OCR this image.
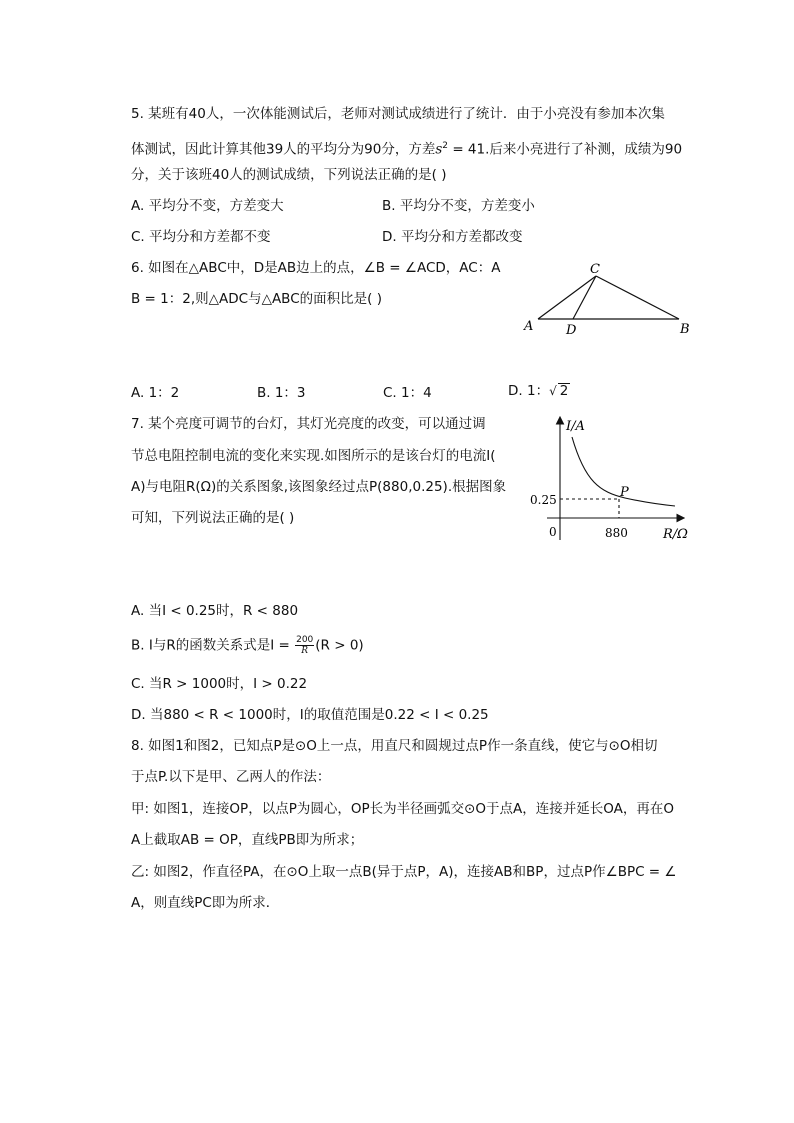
5. 某班有40人，一次体能测试后，老师对测试成绩进行了统计．由于小亮没有参加本次集
体测试，因此计算其他39人的平均分为90分，方差$s^2 = 41$.后来小亮进行了补测，成绩为90
分，关于该班40人的测试成绩，下列说法正确的是( )
A. 平均分不变，方差变大	B. 平均分不变，方差变小
C. 平均分和方差都不变	D. 平均分和方差都改变
6. 如图在△ABC中，D是AB边上的点，∠B = ∠ACD，AC：A
B = 1：2,则△ADC与△ABC的面积比是( )
A	D	B
C
A. 1：2	B. 1：3	C. 1：4	D. 1：√ 2
7. 某个亮度可调节的台灯，其灯光亮度的改变，可以通过调
节总电阻控制电流的变化来实现.如图所示的是该台灯的电流I(
A)与电阻R(Ω)的关系图象,该图象经过点P(880,0.25).根据图象
可知，下列说法正确的是( )
I/A
R/Ω
0.25
0	880
P
A. 当I < 0.25时，R < 880
B. I与R的函数关系式是$I = \frac{200}{R} (R > 0)$
C. 当R > 1000时，I > 0.22
D. 当880 < R < 1000时，I的取值范围是0.22 < I < 0.25
8. 如图1和图2，已知点P是⊙O上一点，用直尺和圆规过点P作一条直线，使它与⊙O相切
于点P.以下是甲、乙两人的作法：
甲: 如图1，连接OP，以点P为圆心，OP长为半径画弧交⊙O于点A，连接并延长OA，再在O
A上截取AB = OP，直线PB即为所求；
乙: 如图2，作直径PA，在⊙O上取一点B(异于点P，A)，连接AB和BP，过点P作∠BPC = ∠
A，则直线PC即为所求．
